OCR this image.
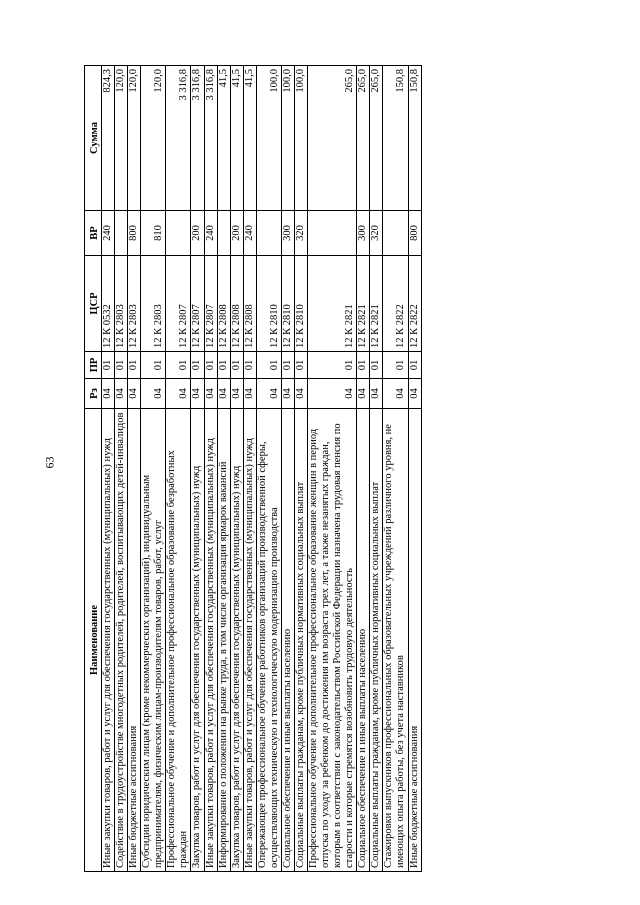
63
Наименование	Рз	ПР	ЦСР	ВР	Сумма
Иные закупки товаров, работ и услуг для обеспечения государственных (муниципальных) нужд	04	01	12 К 0532	240	824,3
Содействие в трудоустройстве многодетных родителей, родителей, воспитывающих детей-инвалидов	04	01	12 К 2803		120,0
Иные бюджетные ассигнования	04	01	12 К 2803	800	120,0
Субсидии юридическим лицам (кроме некоммерческих организаций), индивидуальным предпринимателям, физическим лицам-производителям товаров, работ, услуг	04	01	12 К 2803	810	120,0
Профессиональное обучение и дополнительное профессиональное образование безработных граждан	04	01	12 К 2807		3 316,8
Закупка товаров, работ и услуг для обеспечения государственных (муниципальных) нужд	04	01	12 К 2807	200	3 316,8
Иные закупки товаров, работ и услуг для обеспечения государственных (муниципальных) нужд	04	01	12 К 2807	240	3 316,8
Информирование о положении на рынке труда, в том числе организация ярмарок вакансий	04	01	12 К 2808		41,5
Закупка товаров, работ и услуг для обеспечения государственных (муниципальных) нужд	04	01	12 К 2808	200	41,5
Иные закупки товаров, работ и услуг для обеспечения государственных (муниципальных) нужд	04	01	12 К 2808	240	41,5
Опережающее профессиональное обучение работников организаций производственной сферы, осуществляющих техническую и технологическую модернизацию производства	04	01	12 К 2810		100,0
Социальное обеспечение и иные выплаты населению	04	01	12 К 2810	300	100,0
Социальные выплаты гражданам, кроме публичных нормативных социальных выплат	04	01	12 К 2810	320	100,0
Профессиональное обучение и дополнительное профессиональное образование женщин в период отпуска по уходу за ребенком до достижения им возраста трех лет, а также незанятых граждан, которым в соответствии с законодательством Российской Федерации назначена трудовая пенсия по старости и которые стремятся возобновить трудовую деятельность	04	01	12 К 2821		265,0
Социальное обеспечение и иные выплаты населению	04	01	12 К 2821	300	265,0
Социальные выплаты гражданам, кроме публичных нормативных социальных выплат	04	01	12 К 2821	320	265,0
Стажировки выпускников профессиональных образовательных учреждений различного уровня, не имеющих опыта работы, без учета наставников	04	01	12 К 2822		150,8
Иные бюджетные ассигнования	04	01	12 К 2822	800	150,8
